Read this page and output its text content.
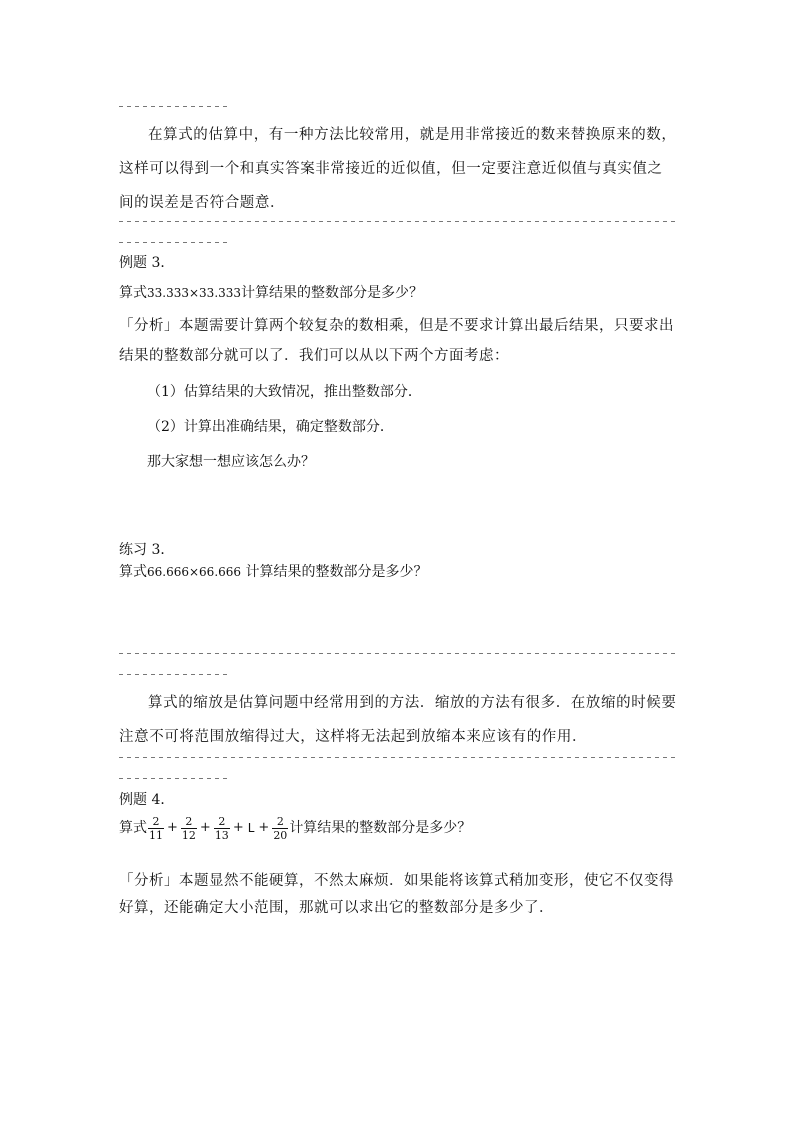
在算式的估算中，有一种方法比较常用，就是用非常接近的数来替换原来的数，这样可以得到一个和真实答案非常接近的近似值，但一定要注意近似值与真实值之间的误差是否符合题意．
例题 3．
算式33.333×33.333计算结果的整数部分是多少？
「分析」本题需要计算两个较复杂的数相乘，但是不要求计算出最后结果，只要求出结果的整数部分就可以了．我们可以从以下两个方面考虑：
（1）估算结果的大致情况，推出整数部分．
（2）计算出准确结果，确定整数部分．
那大家想一想应该怎么办？
练习 3．
算式66.666×66.666 计算结果的整数部分是多少？
算式的缩放是估算问题中经常用到的方法．缩放的方法有很多．在放缩的时候要注意不可将范围放缩得过大，这样将无法起到放缩本来应该有的作用．
例题 4．
算式 $\frac{2}{11} + \frac{2}{12} + \frac{2}{13} + L + \frac{2}{20}$ 计算结果的整数部分是多少？
「分析」本题显然不能硬算，不然太麻烦．如果能将该算式稍加变形，使它不仅变得好算，还能确定大小范围，那就可以求出它的整数部分是多少了．
